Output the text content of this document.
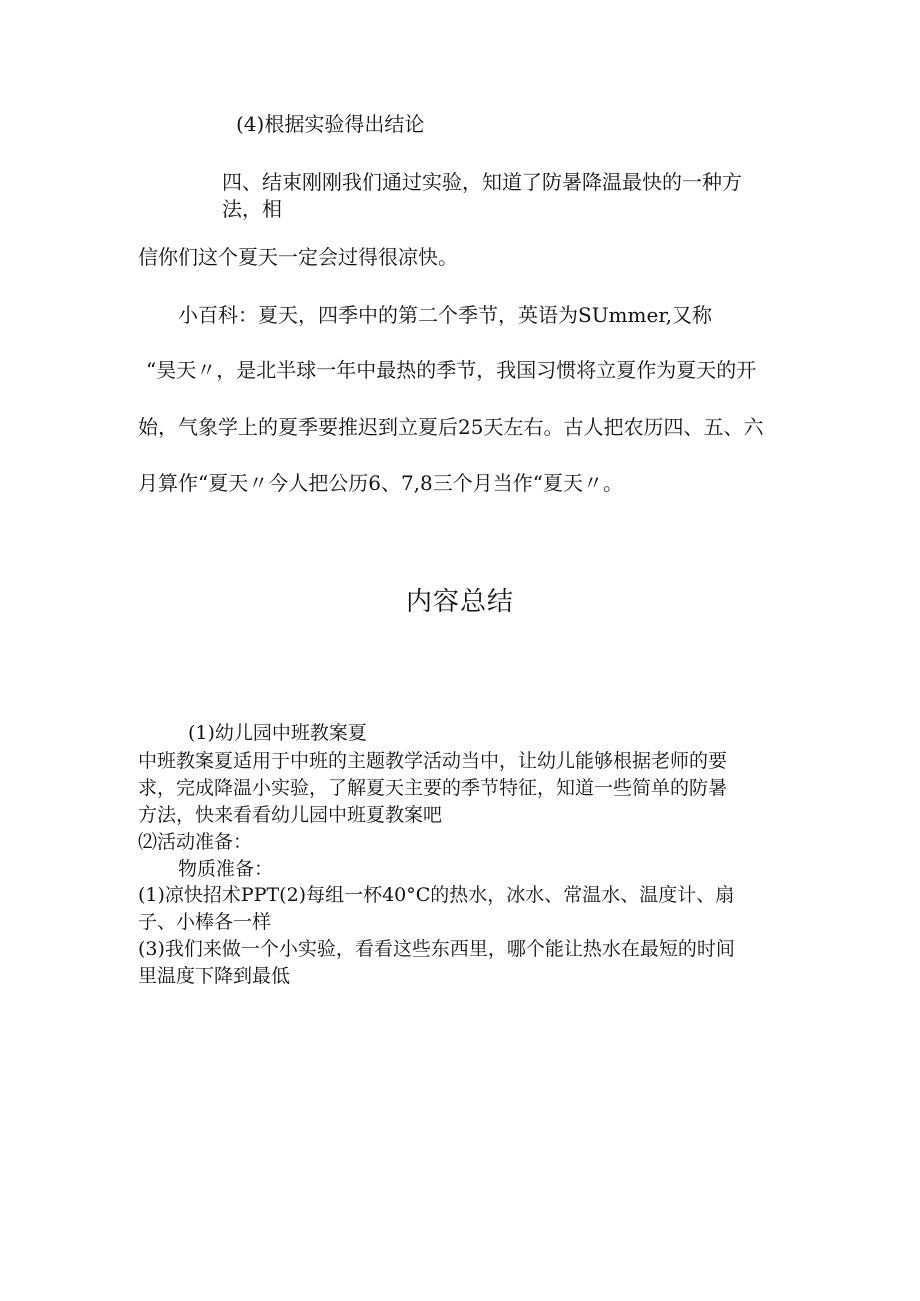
(4)根据实验得出结论
四、结束刚刚我们通过实验，知道了防暑降温最快的一种方
法，相
信你们这个夏天一定会过得很凉快。
小百科：夏天，四季中的第二个季节，英语为SUmmer,又称
“昊天〃，是北半球一年中最热的季节，我国习惯将立夏作为夏天的开
始，气象学上的夏季要推迟到立夏后25天左右。古人把农历四、五、六
月算作“夏天〃今人把公历6、7,8三个月当作“夏天〃。
内容总结
(1)幼儿园中班教案夏
中班教案夏适用于中班的主题教学活动当中，让幼儿能够根据老师的要
求，完成降温小实验，了解夏天主要的季节特征，知道一些简单的防暑
方法，快来看看幼儿园中班夏教案吧
⑵活动准备：
物质准备：
(1)凉快招术PPT(2)每组一杯40°C的热水，冰水、常温水、温度计、扇
子、小棒各一样
(3)我们来做一个小实验，看看这些东西里，哪个能让热水在最短的时间
里温度下降到最低
